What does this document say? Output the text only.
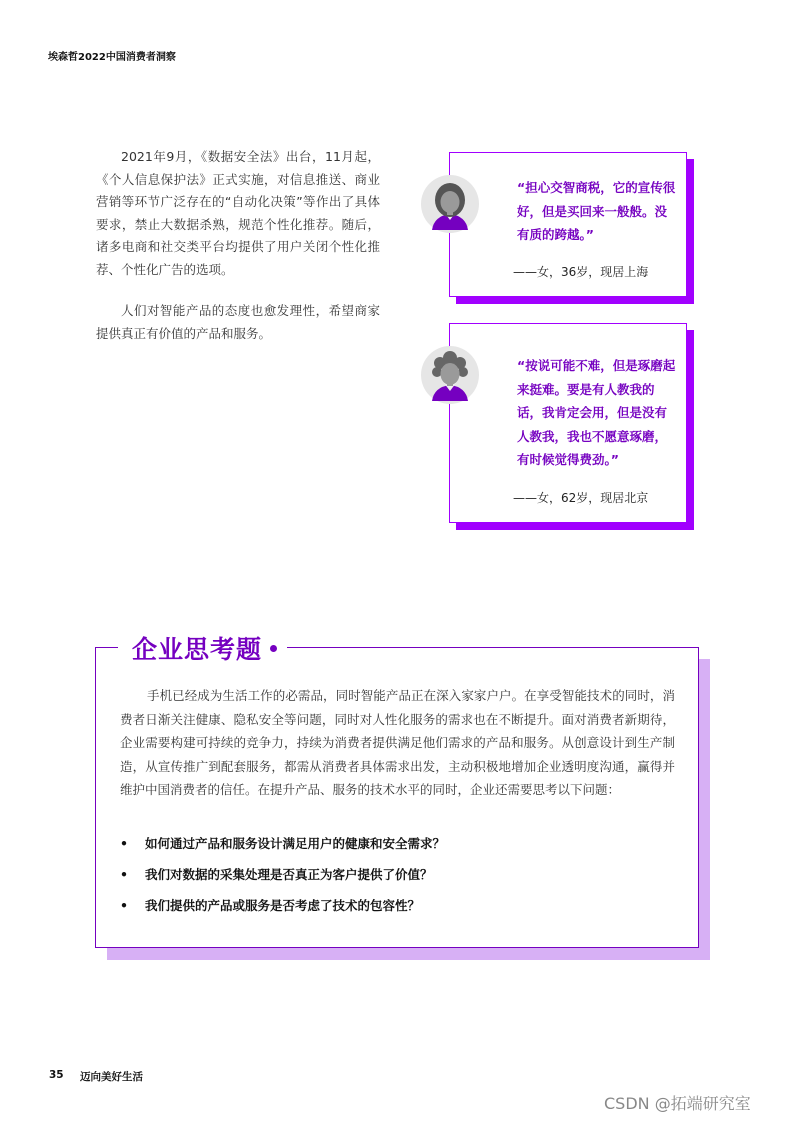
埃森哲2022中国消费者洞察

2021年9月，《数据安全法》出台，11月起，《个人信息保护法》正式实施，对信息推送、商业营销等环节广泛存在的“自动化决策”等作出了具体要求，禁止大数据杀熟，规范个性化推荐。随后，诸多电商和社交类平台均提供了用户关闭个性化推荐、个性化广告的选项。

人们对智能产品的态度也愈发理性，希望商家提供真正有价值的产品和服务。

“担心交智商税，它的宣传很好，但是买回来一般般。没有质的跨越。”

——女，36岁，现居上海

“按说可能不难，但是琢磨起来挺难。要是有人教我的话，我肯定会用，但是没有人教我，我也不愿意琢磨，有时候觉得费劲。”

——女，62岁，现居北京
企业思考题

手机已经成为生活工作的必需品，同时智能产品正在深入家家户户。在享受智能技术的同时，消费者日渐关注健康、隐私安全等问题，同时对人性化服务的需求也在不断提升。面对消费者新期待，企业需要构建可持续的竞争力，持续为消费者提供满足他们需求的产品和服务。从创意设计到生产制造，从宣传推广到配套服务，都需从消费者具体需求出发，主动积极地增加企业透明度沟通，赢得并维护中国消费者的信任。在提升产品、服务的技术水平的同时，企业还需要思考以下问题：

•	如何通过产品和服务设计满足用户的健康和安全需求？
•	我们对数据的采集处理是否真正为客户提供了价值？
•	我们提供的产品或服务是否考虑了技术的包容性？
35 迈向美好生活
CSDN @拓端研究室
